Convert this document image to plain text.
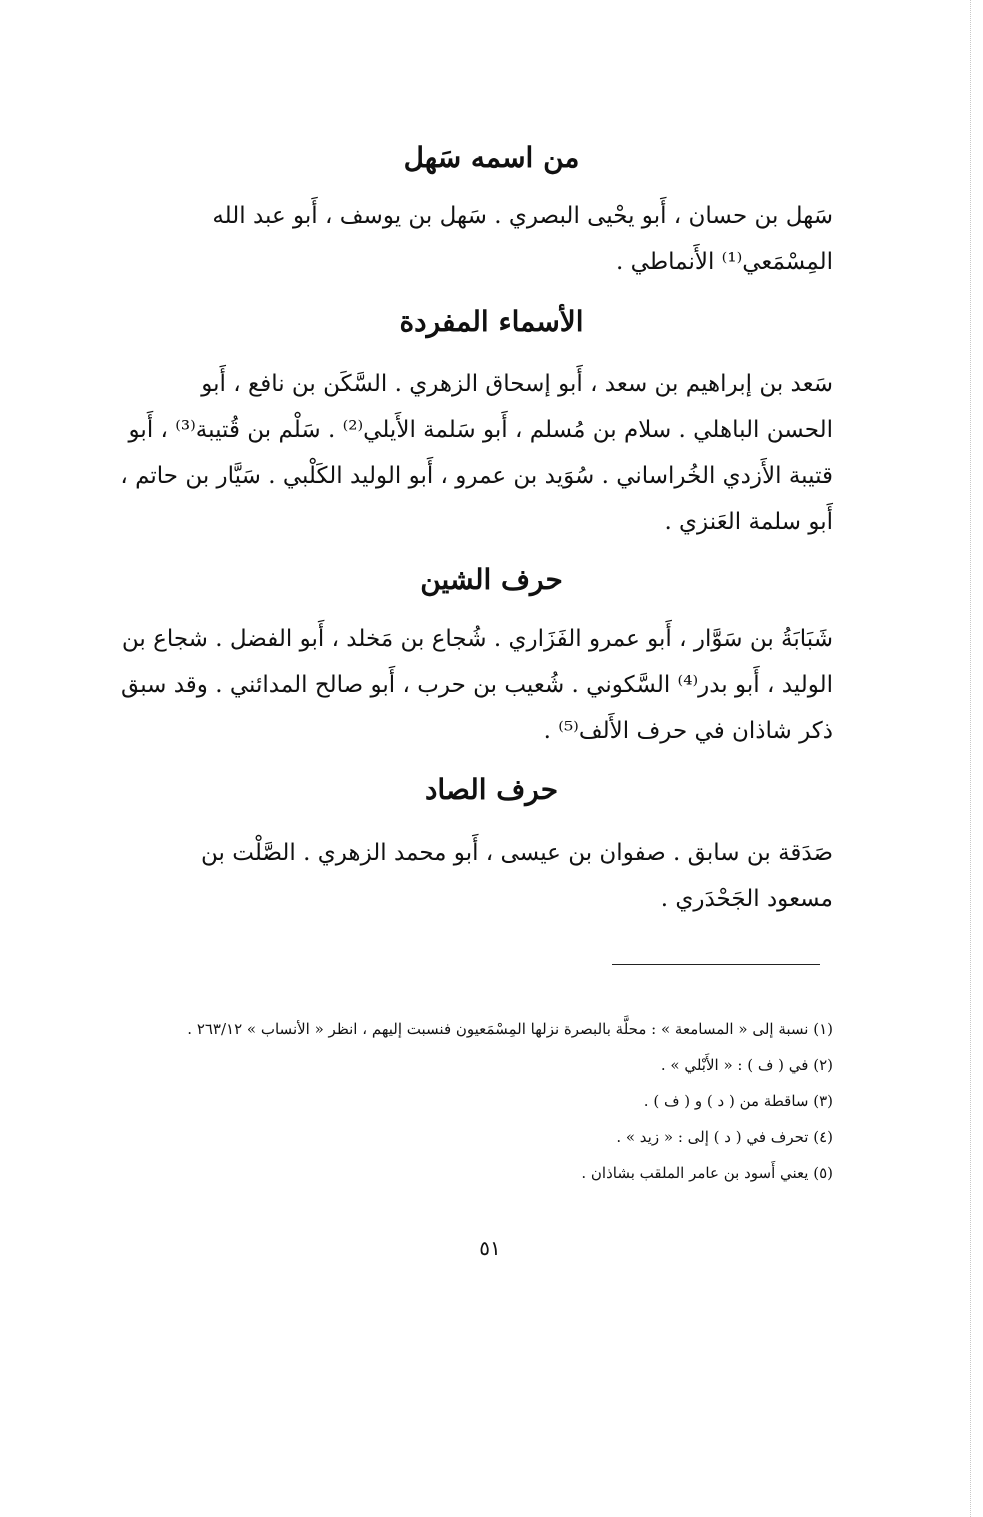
من اسمه سَهل
سَهل بن حسان ، أَبو يحْيى البصري . سَهل بن يوسف ، أَبو عبد الله
المِسْمَعي⁽¹⁾ الأَنماطي .
الأسماء المفردة
سَعد بن إبراهيم بن سعد ، أَبو إسحاق الزهري . السَّكَن بن نافع ، أَبو
الحسن الباهلي . سلام بن مُسلم ، أَبو سَلمة الأَيلي⁽²⁾ . سَلْم بن قُتيبة⁽³⁾ ، أَبو
قتيبة الأَزدي الخُراساني . سُوَيد بن عمرو ، أَبو الوليد الكَلْبي . سَيَّار بن حاتم ،
أَبو سلمة العَنزي .
حرف الشين
شَبَابَةُ بن سَوَّار ، أَبو عمرو الفَزَاري . شُجاع بن مَخلد ، أَبو الفضل . شجاع بن
الوليد ، أَبو بدر⁽⁴⁾ السَّكوني . شُعيب بن حرب ، أَبو صالح المدائني . وقد سبق
ذكر شاذان في حرف الأَلف⁽⁵⁾ .
حرف الصاد
صَدَقة بن سابق . صفوان بن عيسى ، أَبو محمد الزهري . الصَّلْت بن
مسعود الجَحْدَري .
(١) نسبة إلى « المسامعة » : محلَّة بالبصرة نزلها المِسْمَعيون فنسبت إليهم ، انظر « الأنساب » ٢٦٣/١٢ .
(٢) في ( ف ) : « الأَبْلي » .
(٣) ساقطة من ( د ) و ( ف ) .
(٤) تحرف في ( د ) إلى : « زيد » .
(٥) يعني أَسود بن عامر الملقب بشاذان .
٥١
